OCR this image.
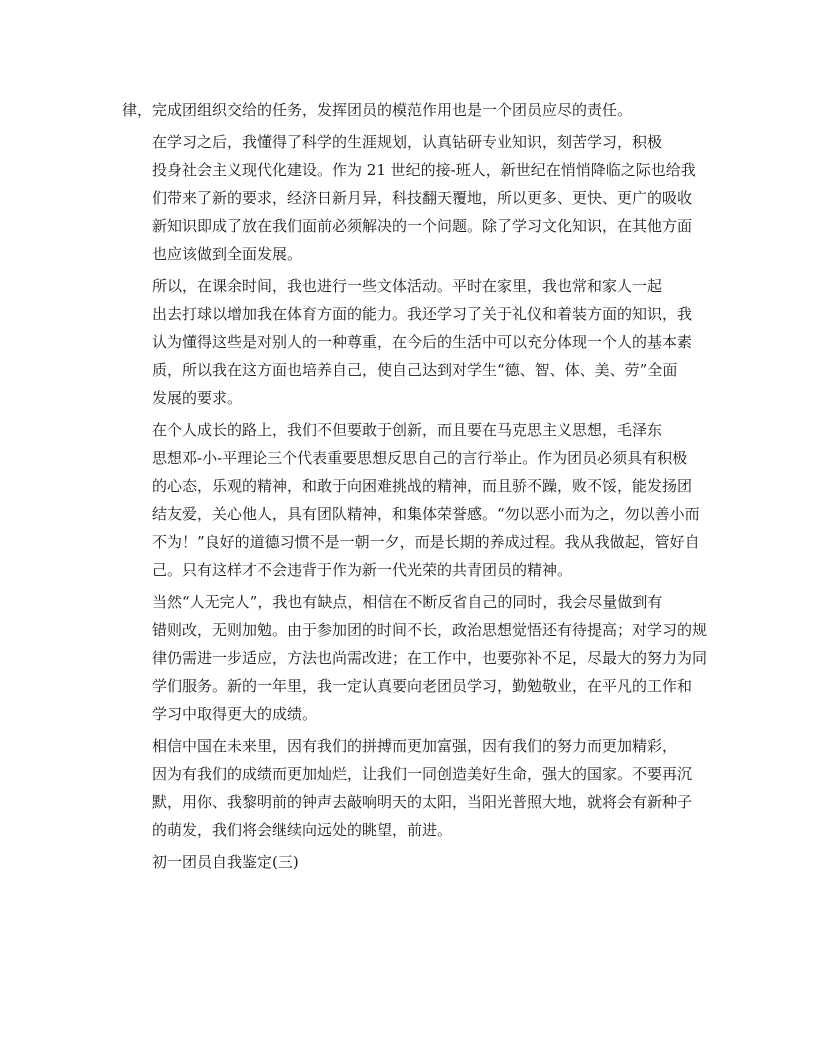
律，完成团组织交给的任务，发挥团员的模范作用也是一个团员应尽的责任。

在学习之后，我懂得了科学的生涯规划，认真钻研专业知识，刻苦学习，积极
投身社会主义现代化建设。作为 21 世纪的接-班人，新世纪在悄悄降临之际也给我
们带来了新的要求，经济日新月异，科技翻天覆地，所以更多、更快、更广的吸收
新知识即成了放在我们面前必须解决的一个问题。除了学习文化知识，在其他方面
也应该做到全面发展。

所以，在课余时间，我也进行一些文体活动。平时在家里，我也常和家人一起
出去打球以增加我在体育方面的能力。我还学习了关于礼仪和着装方面的知识，我
认为懂得这些是对别人的一种尊重，在今后的生活中可以充分体现一个人的基本素
质，所以我在这方面也培养自己，使自己达到对学生“德、智、体、美、劳”全面
发展的要求。

在个人成长的路上，我们不但要敢于创新，而且要在马克思主义思想，毛泽东
思想邓-小-平理论三个代表重要思想反思自己的言行举止。作为团员必须具有积极
的心态，乐观的精神，和敢于向困难挑战的精神，而且骄不躁，败不馁，能发扬团
结友爱，关心他人，具有团队精神，和集体荣誉感。“勿以恶小而为之，勿以善小而
不为！”良好的道德习惯不是一朝一夕，而是长期的养成过程。我从我做起，管好自
己。只有这样才不会违背于作为新一代光荣的共青团员的精神。

当然“人无完人”，我也有缺点，相信在不断反省自己的同时，我会尽量做到有
错则改，无则加勉。由于参加团的时间不长，政治思想觉悟还有待提高；对学习的规
律仍需进一步适应，方法也尚需改进；在工作中，也要弥补不足，尽最大的努力为同
学们服务。新的一年里，我一定认真要向老团员学习，勤勉敬业，在平凡的工作和
学习中取得更大的成绩。

相信中国在未来里，因有我们的拼搏而更加富强，因有我们的努力而更加精彩，
因为有我们的成绩而更加灿烂，让我们一同创造美好生命，强大的国家。不要再沉
默，用你、我黎明前的钟声去敲响明天的太阳，当阳光普照大地，就将会有新种子
的萌发，我们将会继续向远处的眺望，前进。

初一团员自我鉴定(三)
